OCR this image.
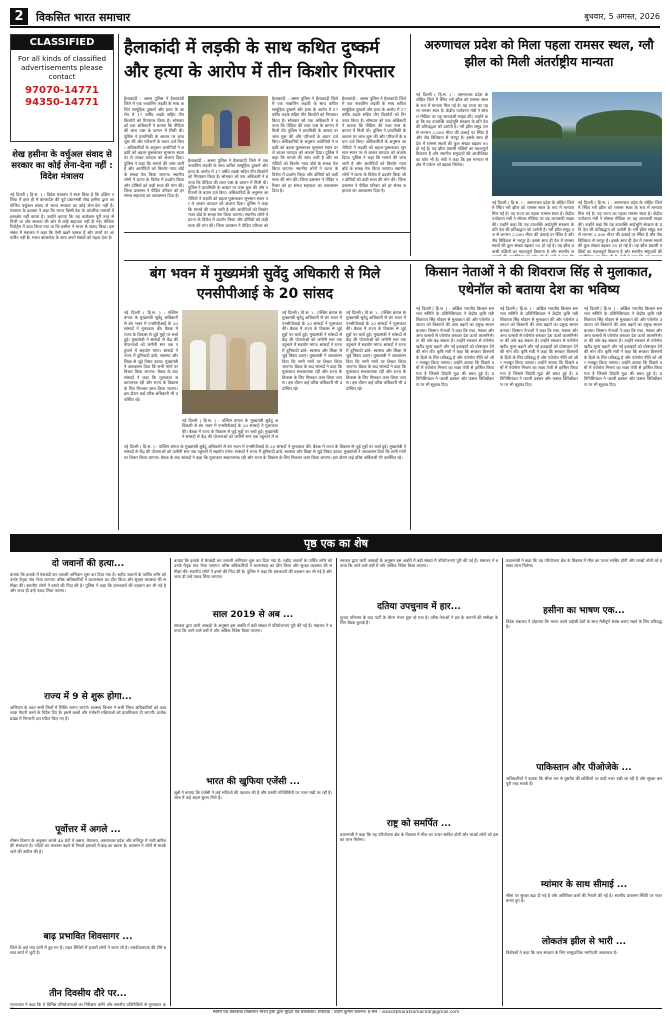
2	विकसित भारत समाचार	बुधवार, 5 अगस्त, 2026
CLASSIFIED
For all kinds of classified advertisements please contact
97070-14771
94350-14771
शेख हसीना के वर्चुअल संवाद से सरकार का कोई लेना-देना नहीं : विदेश मंत्रालय
नई दिल्ली ( हि.स. ) : विदेश मंत्रालय ने स्पष्ट किया है कि दक्षिण एशिया में हाल ही में बांग्लादेश की पूर्व प्रधानमंत्री शेख हसीना द्वारा आयोजित वर्चुअल संवाद से भारत सरकार का कोई लेना-देना नहीं है। मंत्रालय के प्रवक्ता ने कहा कि भारत किसी देश के आंतरिक मामलों में हस्तक्षेप नहीं करता है। उन्होंने बताया कि यह कार्यक्रम पूरी तरह से निजी था और सरकार की ओर से कोई सहायता नहीं दी गई। मीडिया रिपोर्ट्स में दावा किया गया था कि हसीना ने भारत से संवाद किया। इस संबंध में मंत्रालय ने कहा कि ऐसी खबरें भ्रामक हैं और तथ्यों पर आधारित नहीं हैं। भारत बांग्लादेश के साथ अपने संबंधों को महत्व देता है।
हैलाकांदी में लड़की के साथ कथित दुष्कर्म और हत्या के आरोप में तीन किशोर गिरफ्तार
हैलाकांदी : असम पुलिस ने हैलाकांदी जिले में एक नाबालिग लड़की के साथ कथित सामूहिक दुष्कर्म और हत्या के आरोप में 17 वर्षीय लड़के सहित तीन किशोरों को गिरफ्तार किया है। सोमवार को एक अधिकारी ने बताया कि पीड़िता की लाश पास के बागान में मिली थी। पुलिस ने प्राथमिकी के आधार पर जांच शुरू की और परिजनों के बयान दर्ज किए। अधिकारियों के अनुसार आरोपियों ने लड़की को बहला-फुसलाकर सुनसान स्थान पर ले जाकर वारदात को अंजाम दिया। पुलिस ने कहा कि मामले की जांच जारी है और आरोपियों को किशोर न्याय बोर्ड के समक्ष पेश किया जाएगा। स्थानीय लोगों ने घटना के विरोध में प्रदर्शन किया और दोषियों को कड़ी सजा की मांग की। जिला प्रशासन ने पीड़ित परिवार को हर संभव सहायता का आश्वासन दिया है।
हैलाकांदी : असम पुलिस ने हैलाकांदी जिले में एक नाबालिग लड़की के साथ कथित सामूहिक दुष्कर्म और हत्या के आरोप में 17 वर्षीय लड़के सहित तीन किशोरों को गिरफ्तार किया है। सोमवार को एक अधिकारी ने बताया कि पीड़िता की लाश पास के बागान में मिली थी। पुलिस ने प्राथमिकी के आधार पर जांच शुरू की और परिजनों के बयान दर्ज किए। अधिकारियों के अनुसार आरोपियों ने लड़की को बहला-फुसलाकर सुनसान स्थान पर ले जाकर वारदात को अंजाम दिया। पुलिस ने कहा कि मामले की जांच जारी है और आरोपियों को किशोर न्याय बोर्ड के समक्ष पेश किया जाएगा। स्थानीय लोगों ने घटना के विरोध में प्रदर्शन किया और दोषियों को कड़ी सजा की मांग की। जिला प्रशासन ने पीड़ित परिवार को
हैलाकांदी : असम पुलिस ने हैलाकांदी जिले में एक नाबालिग लड़की के साथ कथित सामूहिक दुष्कर्म और हत्या के आरोप में 17 वर्षीय लड़के सहित तीन किशोरों को गिरफ्तार किया है। सोमवार को एक अधिकारी ने बताया कि पीड़िता की लाश पास के बागान में मिली थी। पुलिस ने प्राथमिकी के आधार पर जांच शुरू की और परिजनों के बयान दर्ज किए। अधिकारियों के अनुसार आरोपियों ने लड़की को बहला-फुसलाकर सुनसान स्थान पर ले जाकर वारदात को अंजाम दिया। पुलिस ने कहा कि मामले की जांच जारी है और आरोपियों को किशोर न्याय बोर्ड के समक्ष पेश किया जाएगा। स्थानीय लोगों ने घटना के विरोध में प्रदर्शन किया और दोषियों को कड़ी सजा की मांग की। जिला प्रशासन ने पीड़ित परिवार को हर संभव सहायता का आश्वासन दिया है।
हैलाकांदी : असम पुलिस ने हैलाकांदी जिले में एक नाबालिग लड़की के साथ कथित सामूहिक दुष्कर्म और हत्या के आरोप में 17 वर्षीय लड़के सहित तीन किशोरों को गिरफ्तार किया है। सोमवार को एक अधिकारी ने बताया कि पीड़िता की लाश पास के बागान में मिली थी। पुलिस ने प्राथमिकी के आधार पर जांच शुरू की और परिजनों के बयान दर्ज किए। अधिकारियों के अनुसार आरोपियों ने लड़की को बहला-फुसलाकर सुनसान स्थान पर ले जाकर वारदात को अंजाम दिया। पुलिस ने कहा कि मामले की जांच जारी है और आरोपियों को किशोर न्याय बोर्ड के समक्ष पेश किया जाएगा। स्थानीय लोगों ने घटना के विरोध में प्रदर्शन किया और दोषियों को कड़ी सजा की मांग की। जिला प्रशासन ने पीड़ित परिवार को हर संभव सहायता का आश्वासन दिया है।
अरुणाचल प्रदेश को मिला पहला रामसर स्थल, ग्लौ झील को मिली अंतर्राष्ट्रीय मान्यता
नई दिल्ली ( हि.स. ) : अरुणाचल प्रदेश के लोहित जिले में स्थित ग्लौ झील को रामसर स्थल के रूप में मान्यता मिल गई है। यह राज्य का पहला रामसर स्थल है। केंद्रीय पर्यावरण मंत्री ने सोशल मीडिया पर यह जानकारी साझा की। उन्होंने कहा कि यह उपलब्धि आर्द्रभूमि संरक्षण के प्रति देश की प्रतिबद्धता को दर्शाती है। ग्लौ झील समुद्र तल से लगभग 2,500 मीटर की ऊंचाई पर स्थित है और जैव विविधता से भरपूर है। इसके साथ ही देश में रामसर स्थलों की कुल संख्या बढ़कर 95 हो गई है। यह झील प्रवासी पक्षियों का महत्वपूर्ण ठिकाना है और स्थानीय समुदायों की आजीविका का स्रोत भी है। मंत्री ने कहा कि इस मान्यता से क्षेत्र में पर्यटन को बढ़ावा मिलेगा।
नई दिल्ली ( हि.स. ) : अरुणाचल प्रदेश के लोहित जिले में स्थित ग्लौ झील को रामसर स्थल के रूप में मान्यता मिल गई है। यह राज्य का पहला रामसर स्थल है। केंद्रीय पर्यावरण मंत्री ने सोशल मीडिया पर यह जानकारी साझा की। उन्होंने कहा कि यह उपलब्धि आर्द्रभूमि संरक्षण के प्रति देश की प्रतिबद्धता को दर्शाती है। ग्लौ झील समुद्र तल से लगभग 2,500 मीटर की ऊंचाई पर स्थित है और जैव विविधता से भरपूर है। इसके साथ ही देश में रामसर स्थलों की कुल संख्या बढ़कर 95 हो गई है। यह झील प्रवासी पक्षियों का महत्वपूर्ण ठिकाना है और स्थानीय स
नई दिल्ली ( हि.स. ) : अरुणाचल प्रदेश के लोहित जिले में स्थित ग्लौ झील को रामसर स्थल के रूप में मान्यता मिल गई है। यह राज्य का पहला रामसर स्थल है। केंद्रीय पर्यावरण मंत्री ने सोशल मीडिया पर यह जानकारी साझा की। उन्होंने कहा कि यह उपलब्धि आर्द्रभूमि संरक्षण के प्रति देश की प्रतिबद्धता को दर्शाती है। ग्लौ झील समुद्र तल से लगभग 2,500 मीटर की ऊंचाई पर स्थित है और जैव विविधता से भरपूर है। इसके साथ ही देश में रामसर स्थलों की कुल संख्या बढ़कर 95 हो गई है। यह झील प्रवासी पक्षियों का महत्वपूर्ण ठिकाना है और स्थानीय समुदायों की
बंग भवन में मुख्यमंत्री सुवेंदु अधिकारी से मिले एनसीपीआई के 20 सांसद
नई दिल्ली ( हि.स. ) : पश्चिम बंगाल के मुख्यमंत्री सुवेंदु अधिकारी से बंग भवन में एनसीपीआई के 20 सांसदों ने मुलाकात की। बैठक में राज्य के विकास से जुड़े मुद्दों पर चर्चा हुई। मुख्यमंत्री ने सांसदों से केंद्र की योजनाओं को जमीनी स्तर तक पहुंचाने में सहयोग मांगा। सांसदों ने राज्य में बुनियादी ढांचे, स्वास्थ्य और शिक्षा से जुड़े विषय उठाए। मुख्यमंत्री ने आश्वासन दिया कि सभी मांगों पर विचार किया जाएगा। बैठक के बाद सांसदों ने कहा कि मुलाकात सकारात्मक रही और राज्य के विकास के लिए मिलकर काम किया जाएगा। इस दौरान कई वरिष्ठ अधिकारी भी उपस्थित रहे।
नई दिल्ली ( हि.स. ) : पश्चिम बंगाल के मुख्यमंत्री सुवेंदु अधिकारी से बंग भवन में एनसीपीआई के 20 सांसदों ने मुलाकात की। बैठक में राज्य के विकास से जुड़े मुद्दों पर चर्चा हुई। मुख्यमंत्री ने सांसदों से केंद्र की योजनाओं को जमीनी स्तर तक पहुंचाने में सहयोग मांगा। सांसदों ने राज्य में बुनियादी ढांचे, स्वास्थ्य और शिक्षा से जुड़े विषय उठाए। मुख्यमंत्री ने आश्वासन दिया कि सभी मांगों पर विचार किया जाएगा। बैठक के बाद सांसदों ने कहा कि मुलाकात सकारात्मक रही और राज्य के विकास के लिए मिलकर काम किया जाएगा। इस दौरान कई वरिष्ठ अधिकारी भी उपस्थित रहे।
नई दिल्ली ( हि.स. ) : पश्चिम बंगाल के मुख्यमंत्री सुवेंदु अधिकारी से बंग भवन में एनसीपीआई के 20 सांसदों ने मुलाकात की। बैठक में राज्य के विकास से जुड़े मुद्दों पर चर्चा हुई। मुख्यमंत्री ने सांसदों से केंद्र की योजनाओं को जमीनी स्तर तक पहुंचाने में सहयोग मांगा। सांसदों ने राज्य में बुनियादी ढांचे, स्वास्थ्य और शिक्षा से जुड़े विषय उठाए। मुख्यमंत्री ने आश्वासन दिया कि सभी मांगों पर विचार किया जाएगा। बैठक के बाद सांसदों ने कहा कि मुलाकात सकारात्मक रही और राज्य के विकास के लिए मिलकर काम किया जाएगा। इस दौरान कई वरिष्ठ अधिकारी भी उपस्थित रहे।
नई दिल्ली ( हि.स. ) : पश्चिम बंगाल के मुख्यमंत्री सुवेंदु अधिकारी से बंग भवन में एनसीपीआई के 20 सांसदों ने मुलाकात की। बैठक में राज्य के विकास से जुड़े मुद्दों पर चर्चा हुई। मुख्यमंत्री ने सांसदों से केंद्र की योजनाओं को जमीनी स्तर तक पहुंचाने में स
किसान नेताओं ने की शिवराज सिंह से मुलाकात, एथेनॉल को बताया देश का भविष्य
नई दिल्ली ( हि.स. ) : अखिल भारतीय किसान समन्वय समिति के प्रतिनिधिमंडल ने केंद्रीय कृषि मंत्री शिवराज सिंह चौहान से मुलाकात की और एथेनॉल उत्पादन को किसानों की आय बढ़ाने का प्रमुख साधन बताया। किसान नेताओं ने कहा कि गन्ना, मक्का और अन्य फसलों से एथेनॉल बनाकर देश ऊर्जा आत्मनिर्भरता की ओर बढ़ सकता है। उन्होंने सरकार से एथेनॉल खरीद मूल्य बढ़ाने और नई इकाइयों को प्रोत्साहन देने की मांग की। कृषि मंत्री ने कहा कि सरकार किसानों के हितों के लिए प्रतिबद्ध है और एथेनॉल नीति को और मजबूत किया जाएगा। उन्होंने बताया कि पिछले वर्षों में एथेनॉल मिश्रण का लक्ष्य तेजी से हासिल किया गया है जिससे विदेशी मुद्रा की बचत हुई है। प्रतिनिधिमंडल ने पराली प्रबंधन और फसल विविधीकरण पर भी सुझाव दिए।
नई दिल्ली ( हि.स. ) : अखिल भारतीय किसान समन्वय समिति के प्रतिनिधिमंडल ने केंद्रीय कृषि मंत्री शिवराज सिंह चौहान से मुलाकात की और एथेनॉल उत्पादन को किसानों की आय बढ़ाने का प्रमुख साधन बताया। किसान नेताओं ने कहा कि गन्ना, मक्का और अन्य फसलों से एथेनॉल बनाकर देश ऊर्जा आत्मनिर्भरता की ओर बढ़ सकता है। उन्होंने सरकार से एथेनॉल खरीद मूल्य बढ़ाने और नई इकाइयों को प्रोत्साहन देने की मांग की। कृषि मंत्री ने कहा कि सरकार किसानों के हितों के लिए प्रतिबद्ध है और एथेनॉल नीति को और मजबूत किया जाएगा। उन्होंने बताया कि पिछले वर्षों में एथेनॉल मिश्रण का लक्ष्य तेजी से हासिल किया गया है जिससे विदेशी मुद्रा की बचत हुई है। प्रतिनिधिमंडल ने पराली प्रबंधन और फसल विविधीकरण पर भी सुझाव दिए।
नई दिल्ली ( हि.स. ) : अखिल भारतीय किसान समन्वय समिति के प्रतिनिधिमंडल ने केंद्रीय कृषि मंत्री शिवराज सिंह चौहान से मुलाकात की और एथेनॉल उत्पादन को किसानों की आय बढ़ाने का प्रमुख साधन बताया। किसान नेताओं ने कहा कि गन्ना, मक्का और अन्य फसलों से एथेनॉल बनाकर देश ऊर्जा आत्मनिर्भरता की ओर बढ़ सकता है। उन्होंने सरकार से एथेनॉल खरीद मूल्य बढ़ाने और नई इकाइयों को प्रोत्साहन देने की मांग की। कृषि मंत्री ने कहा कि सरकार किसानों के हितों के लिए प्रतिबद्ध है और एथेनॉल नीति को और मजबूत किया जाएगा। उन्होंने बताया कि पिछले वर्षों में एथेनॉल मिश्रण का लक्ष्य तेजी से हासिल किया गया है जिससे विदेशी मुद्रा की बचत हुई है। प्रतिनिधिमंडल ने पराली प्रबंधन और फसल विविधीकरण पर भी सुझाव दिए।
नई दिल्ली ( हि.स. ) : पश्चिम बंगाल के मुख्यमंत्री सुवेंदु अधिकारी से बंग भवन में एनसीपीआई के 20 सांसदों ने मुलाकात की। बैठक में राज्य के विकास से जुड़े मुद्दों पर चर्चा हुई। मुख्यमंत्री ने सांसदों से केंद्र की योजनाओं को जमीनी स्तर तक पहुंचाने में सहयोग मांगा। सांसदों ने राज्य में बुनियादी ढांचे, स्वास्थ्य और शिक्षा से जुड़े विषय उठाए। मुख्यमंत्री ने आश्वासन दिया कि सभी मांगों पर विचार किया जाएगा। बैठक के बाद सांसदों ने कहा कि मुलाकात सकारात्मक रही और राज्य के विकास के लिए मिलकर काम किया जाएगा। इस दौरान कई वरिष्ठ अधिकारी भी उपस्थित रहे।
पृष्ठ एक का शेष
दो जवानों की हत्या...
बताया कि इलाके में घेराबंदी कर तलाशी अभियान शुरू कर दिया गया है। शहीद जवानों के पार्थिव शरीर को उनके पैतृक गांव भेजा जाएगा। वरिष्ठ अधिकारियों ने घटनास्थल का दौरा किया और सुरक्षा व्यवस्था की समीक्षा की। स्थानीय लोगों ने हमले की निंदा की है। पुलिस ने कहा कि हमलावरों की पहचान कर ली गई है और जल्द ही उन्हें पकड़ लिया जाएगा।
राज्य में 9 से शुरू होगा...
अभियान के तहत सभी जिलों में शिविर लगाए जाएंगे। स्वास्थ्य विभाग ने सभी जिला अधिकारियों को आवश्यक तैयारी करने के निर्देश दिए हैं। इसमें बच्चों और गर्भवती महिलाओं को प्राथमिकता दी जाएगी। प्रत्येक प्रखंड में निगरानी दल गठित किए गए हैं।
पूर्वोत्तर में अगले ...
मौसम विभाग के अनुसार अगले 48 घंटों में असम, मेघालय, अरुणाचल प्रदेश और मणिपुर में भारी बारिश की संभावना है। नदियों का जलस्तर बढ़ने से निचले इलाकों में बाढ़ का खतरा है। प्रशासन ने लोगों से सतर्क रहने की अपील की है।
बाढ़ प्रभावित शिवसागर ...
जिले के कई गांव पानी में डूब गए हैं। राहत शिविरों में हजारों लोगों ने शरण ली है। एसडीआरएफ की टीमें बचाव कार्य में जुटी हैं।
तीन दिवसीय दौरे पर...
राज्यपाल ने कहा कि वे विभिन्न परियोजनाओं का निरीक्षण करेंगे और स्थानीय प्रतिनिधियों से मुलाकात क
बताया कि इलाके में घेराबंदी कर तलाशी अभियान शुरू कर दिया गया है। शहीद जवानों के पार्थिव शरीर को उनके पैतृक गांव भेजा जाएगा। वरिष्ठ अधिकारियों ने घटनास्थल का दौरा किया और सुरक्षा व्यवस्था की समीक्षा की। स्थानीय लोगों ने हमले की निंदा की है। पुलिस ने कहा कि हमलावरों की पहचान कर ली गई है और जल्द ही उन्हें पकड़ लिया जाएगा।
साल 2019 से अब ...
सरकार द्वारा जारी आंकड़ों के अनुसार इस अवधि में बड़ी संख्या में परियोजनाएं पूरी की गई हैं। मंत्रालय ने बताया कि आने वाले वर्षों में और अधिक निवेश किया जाएगा।
भारत की खुफिया एजेंसी ...
सूत्रों ने बताया कि एजेंसी ने कई संदिग्धों की पहचान की है और उनकी गतिविधियों पर नजर रखी जा रही है। जांच में कई अहम सुराग मिले हैं।
सरकार द्वारा जारी आंकड़ों के अनुसार इस अवधि में बड़ी संख्या में परियोजनाएं पूरी की गई हैं। मंत्रालय ने बताया कि आने वाले वर्षों में और अधिक निवेश किया जाएगा।
दतिया उपचुनाव में हार...
चुनाव परिणाम के बाद पार्टी के भीतर मंथन शुरू हो गया है। वरिष्ठ नेताओं ने हार के कारणों की समीक्षा के लिए बैठक बुलाई है।
राष्ट्र को समर्पित ...
प्रधानमंत्री ने कहा कि यह परियोजना क्षेत्र के विकास में मील का पत्थर साबित होगी और लाखों लोगों को इसका लाभ मिलेगा।
प्रधानमंत्री ने कहा कि यह परियोजना क्षेत्र के विकास में मील का पत्थर साबित होगी और लाखों लोगों को इसका लाभ मिलेगा।
हसीना का भाषण एक...
विदेश मंत्रालय ने दोहराया कि भारत अपने पड़ोसी देशों के साथ मैत्रीपूर्ण संबंध बनाए रखने के लिए प्रतिबद्ध है।
पाकिस्तान और पीओजेके ...
अधिकारियों ने बताया कि सीमा पार से घुसपैठ की कोशिशों पर कड़ी नजर रखी जा रही है और सुरक्षा बल पूरी तरह सतर्क हैं।
म्यांमार के साथ सीमाई ...
सीमा पर सुरक्षा बढ़ा दी गई है और अतिरिक्त बलों की तैनाती की गई है। स्थानीय प्रशासन स्थिति पर नजर बनाए हुए है।
लोकतंत्र झील से भारी ...
विशेषज्ञों ने कहा कि जल संरक्षण के लिए सामुदायिक भागीदारी आवश्यक है।
स्वामी एवं प्रकाशक विकसित भारत ट्रस्ट द्वारा मुद्रित एवं प्रकाशित। संपादक : प्रदीप कुमार बल्लभ। ई-मेल : vikasitbharatsamachar@gmail.com
